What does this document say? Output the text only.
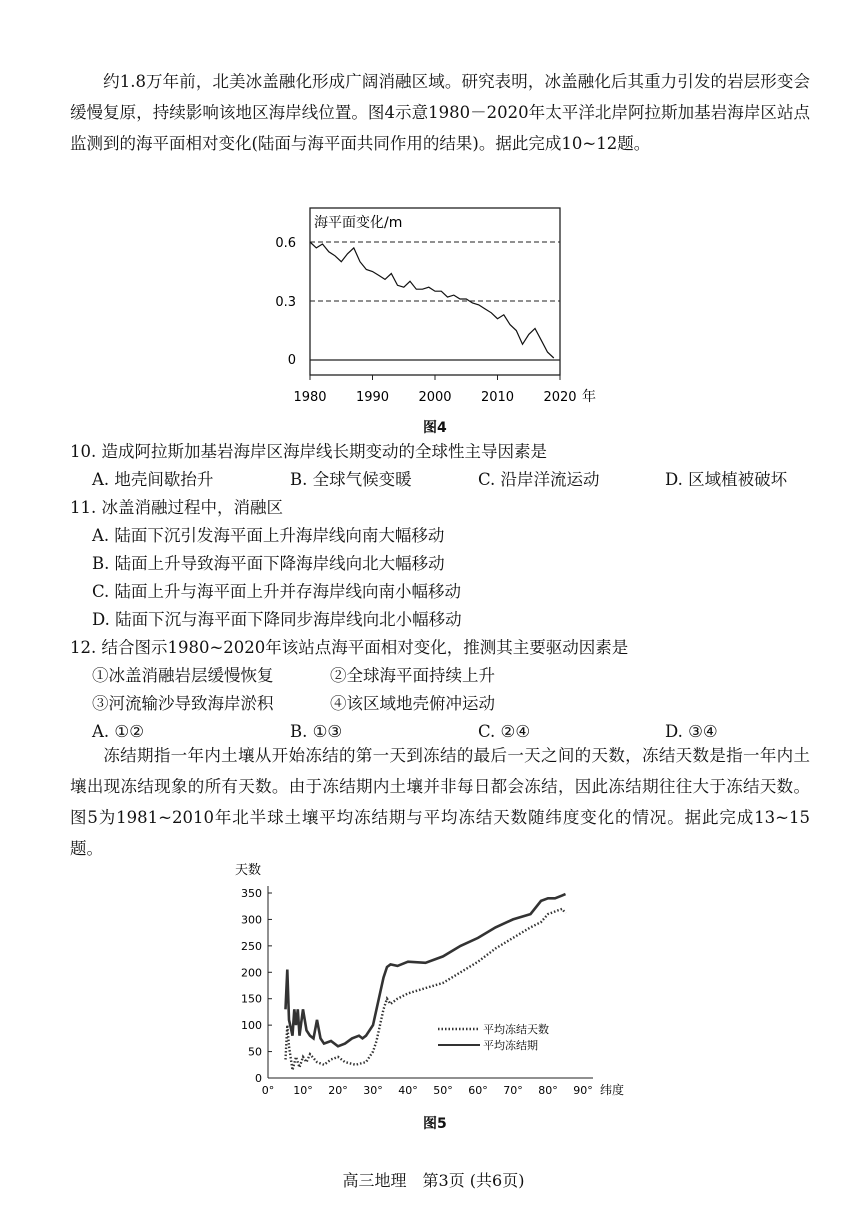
约1.8万年前，北美冰盖融化形成广阔消融区域。研究表明，冰盖融化后其重力引发的岩层形变会缓慢复原，持续影响该地区海岸线位置。图4示意1980－2020年太平洋北岸阿拉斯加基岩海岸区站点监测到的海平面相对变化(陆面与海平面共同作用的结果)。据此完成10~12题。

海平面变化/m
0.6
0.3
0
1980 1990 2000 2010 2020 年
图4
10. 造成阿拉斯加基岩海岸区海岸线长期变动的全球性主导因素是
A. 地壳间歇抬升	B. 全球气候变暖	C. 沿岸洋流运动	D. 区域植被破坏
11. 冰盖消融过程中，消融区
A. 陆面下沉引发海平面上升海岸线向南大幅移动
B. 陆面上升导致海平面下降海岸线向北大幅移动
C. 陆面上升与海平面上升并存海岸线向南小幅移动
D. 陆面下沉与海平面下降同步海岸线向北小幅移动
12. 结合图示1980~2020年该站点海平面相对变化，推测其主要驱动因素是
①冰盖消融岩层缓慢恢复	②全球海平面持续上升
③河流输沙导致海岸淤积	④该区域地壳俯冲运动
A. ①②	B. ①③	C. ②④	D. ③④

冻结期指一年内土壤从开始冻结的第一天到冻结的最后一天之间的天数，冻结天数是指一年内土壤出现冻结现象的所有天数。由于冻结期内土壤并非每日都会冻结，因此冻结期往往大于冻结天数。图5为1981~2010年北半球土壤平均冻结期与平均冻结天数随纬度变化的情况。据此完成13~15题。

天数
0
50
100
150
200
250
300
350
0° 10° 20° 30° 40° 50° 60° 70° 80° 90° 纬度
平均冻结天数
平均冻结期
图5
高三地理　第3页 (共6页)
